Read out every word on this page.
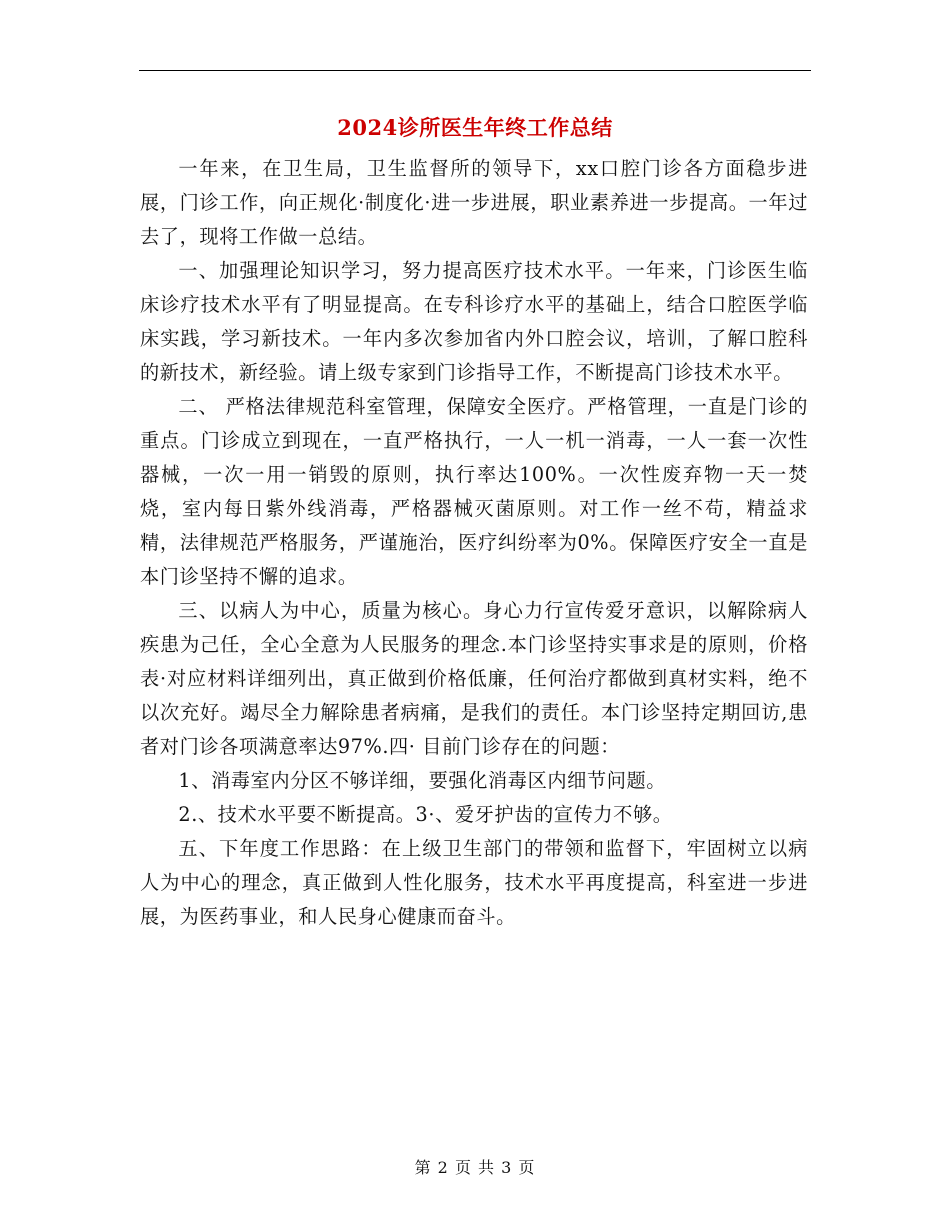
2024诊所医生年终工作总结

一年来，在卫生局，卫生监督所的领导下，xx口腔门诊各方面稳步进展，门诊工作，向正规化·制度化·进一步进展，职业素养进一步提高。一年过去了，现将工作做一总结。

一、加强理论知识学习，努力提高医疗技术水平。一年来，门诊医生临床诊疗技术水平有了明显提高。在专科诊疗水平的基础上，结合口腔医学临床实践，学习新技术。一年内多次参加省内外口腔会议，培训，了解口腔科的新技术，新经验。请上级专家到门诊指导工作，不断提高门诊技术水平。

二、 严格法律规范科室管理，保障安全医疗。严格管理，一直是门诊的重点。门诊成立到现在，一直严格执行，一人一机一消毒，一人一套一次性器械，一次一用一销毁的原则，执行率达100%。一次性废弃物一天一焚烧，室内每日紫外线消毒，严格器械灭菌原则。对工作一丝不苟，精益求精，法律规范严格服务，严谨施治，医疗纠纷率为0%。保障医疗安全一直是本门诊坚持不懈的追求。

三、以病人为中心，质量为核心。身心力行宣传爱牙意识，以解除病人疾患为己任，全心全意为人民服务的理念.本门诊坚持实事求是的原则，价格表·对应材料详细列出，真正做到价格低廉，任何治疗都做到真材实料，绝不以次充好。竭尽全力解除患者病痛，是我们的责任。本门诊坚持定期回访,患者对门诊各项满意率达97%.四· 目前门诊存在的问题：

1、消毒室内分区不够详细，要强化消毒区内细节问题。

2.、技术水平要不断提高。3·、爱牙护齿的宣传力不够。

五、下年度工作思路：在上级卫生部门的带领和监督下，牢固树立以病人为中心的理念，真正做到人性化服务，技术水平再度提高，科室进一步进展，为医药事业，和人民身心健康而奋斗。

第 2 页 共 3 页
